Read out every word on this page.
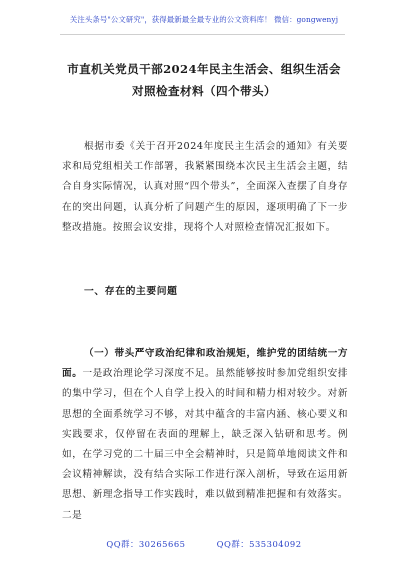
关注头条号"公文研究"，获得最新最全最专业的公文资料库！ 微信：gongwenyj
市直机关党员干部2024年民主生活会、组织生活会对照检查材料（四个带头）
根据市委《关于召开2024年度民主生活会的通知》有关要求和局党组相关工作部署，我紧紧围绕本次民主生活会主题，结合自身实际情况，认真对照“四个带头”，全面深入查摆了自身存在的突出问题，认真分析了问题产生的原因，逐项明确了下一步整改措施。按照会议安排，现将个人对照检查情况汇报如下。
一、存在的主要问题
（一）带头严守政治纪律和政治规矩，维护党的团结统一方面。一是政治理论学习深度不足。虽然能够按时参加党组织安排的集中学习，但在个人自学上投入的时间和精力相对较少。对新思想的全面系统学习不够，对其中蕴含的丰富内涵、核心要义和实践要求，仅停留在表面的理解上，缺乏深入钻研和思考。例如，在学习党的二十届三中全会精神时，只是简单地阅读文件和会议精神解读，没有结合实际工作进行深入剖析，导致在运用新思想、新理念指导工作实践时，难以做到精准把握和有效落实。二是
QQ群：30265665	QQ群：535304092
